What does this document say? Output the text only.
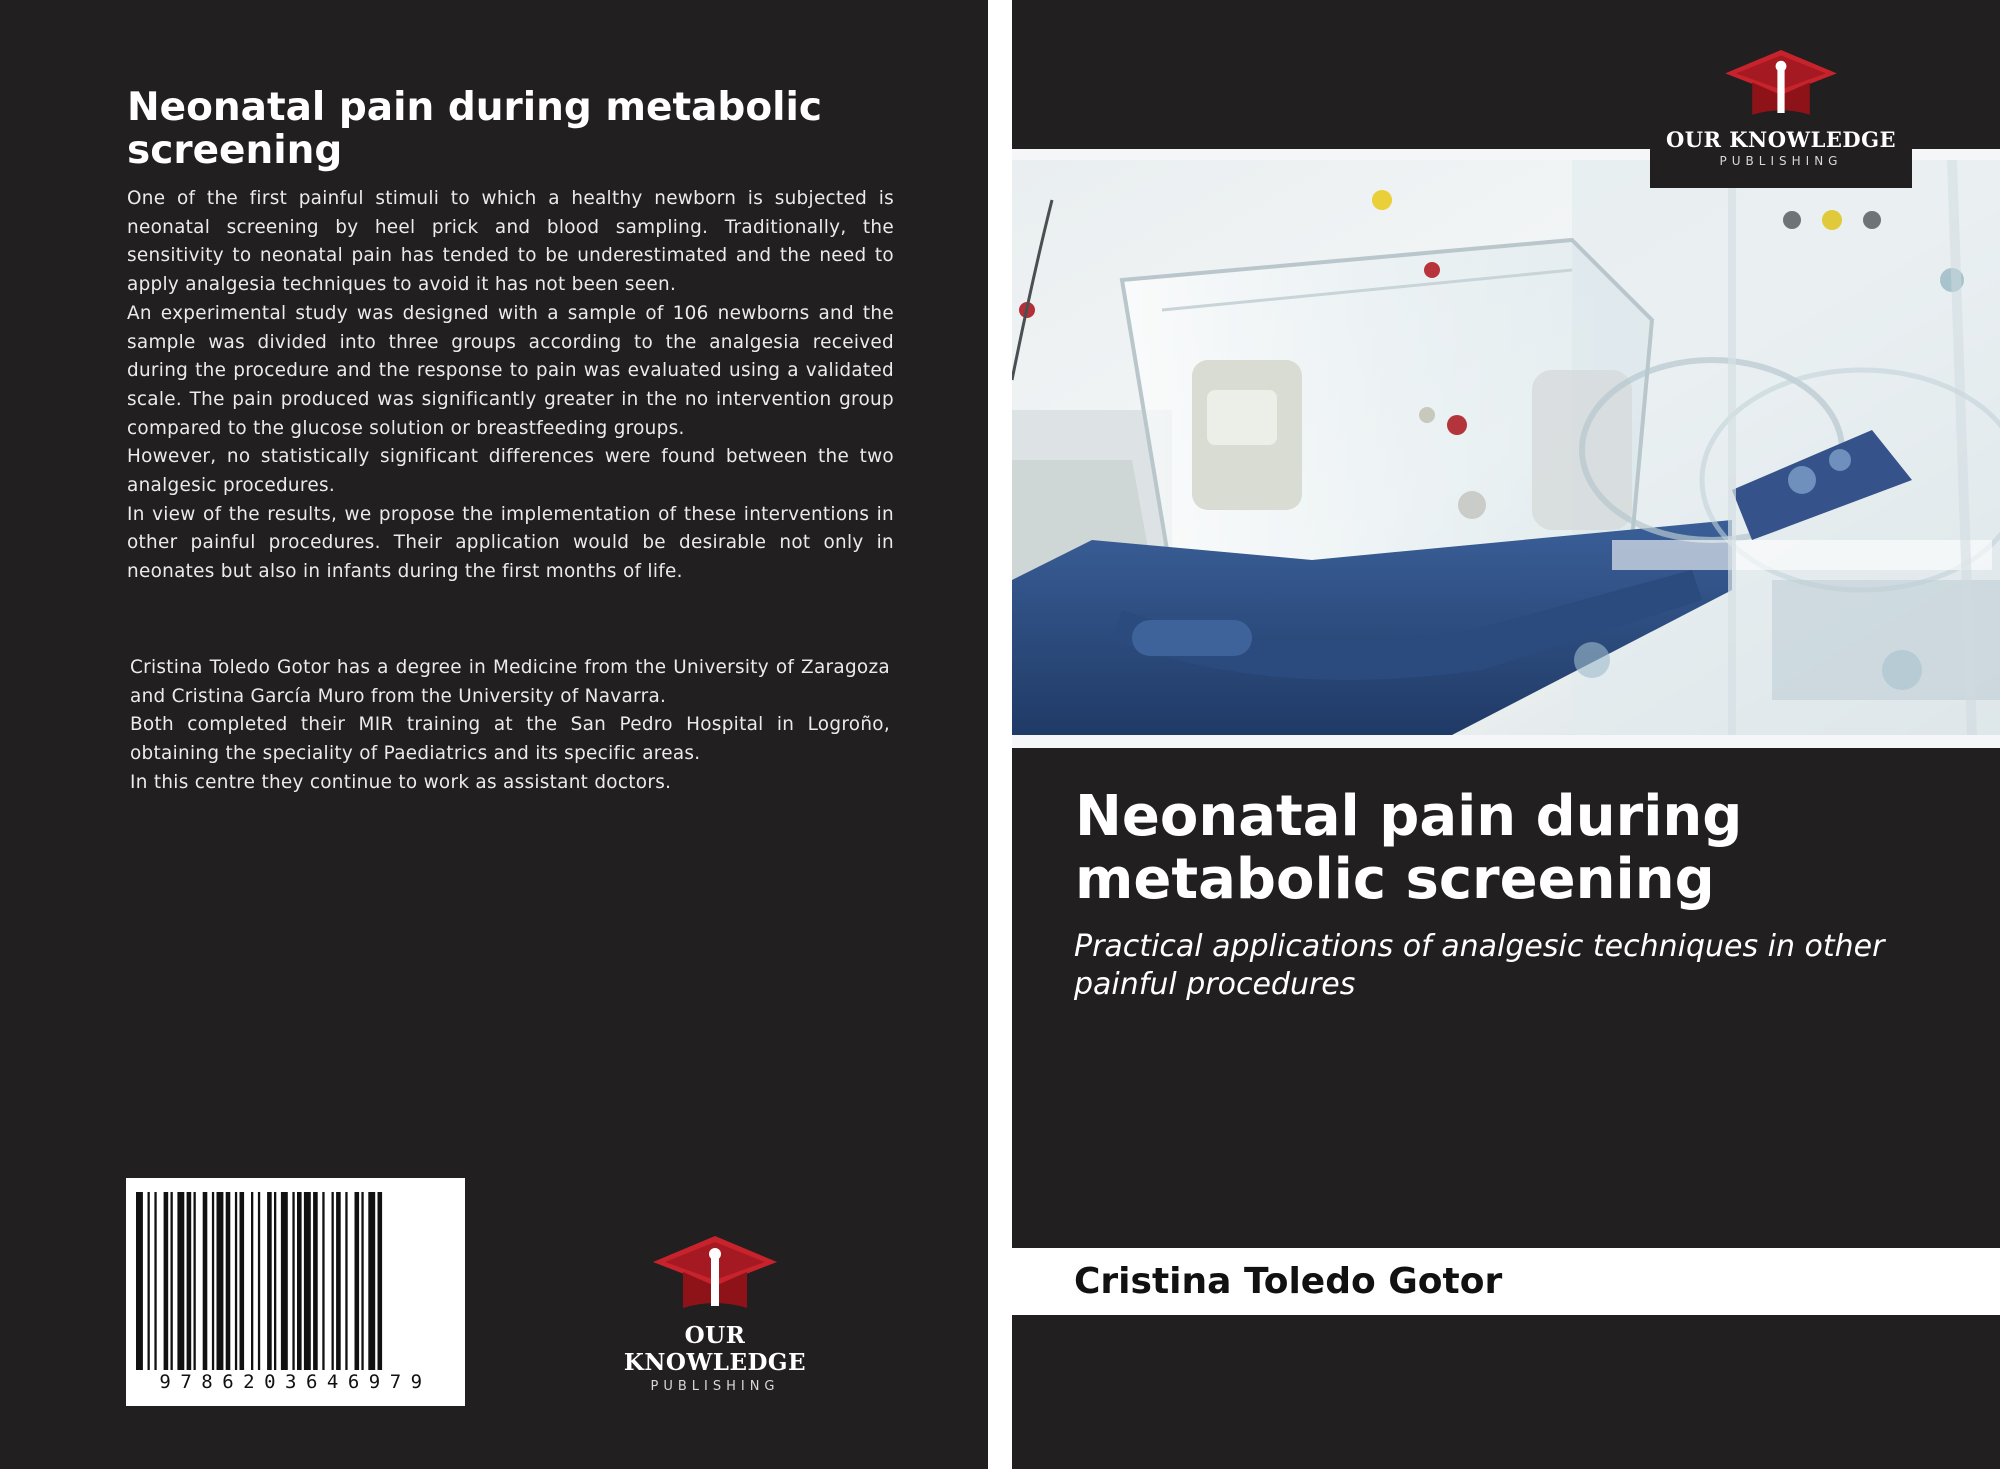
Neonatal pain during metabolic screening

One of the first painful stimuli to which a healthy newborn is subjected is neonatal screening by heel prick and blood sampling. Traditionally, the sensitivity to neonatal pain has tended to be underestimated and the need to apply analgesia techniques to avoid it has not been seen.

An experimental study was designed with a sample of 106 newborns and the sample was divided into three groups according to the analgesia received during the procedure and the response to pain was evaluated using a validated scale. The pain produced was significantly greater in the no intervention group compared to the glucose solution or breastfeeding groups.

However, no statistically significant differences were found between the two analgesic procedures.

In view of the results, we propose the implementation of these interventions in other painful procedures. Their application would be desirable not only in neonates but also in infants during the first months of life.

Cristina Toledo Gotor has a degree in Medicine from the University of Zaragoza and Cristina García Muro from the University of Navarra.

Both completed their MIR training at the San Pedro Hospital in Logroño, obtaining the speciality of Paediatrics and its specific areas.

In this centre they continue to work as assistant doctors.

9786203646979
OUR KNOWLEDGE
PUBLISHING
OUR KNOWLEDGE
PUBLISHING
Neonatal pain during metabolic screening
Practical applications of analgesic techniques in other painful procedures
Cristina Toledo Gotor
